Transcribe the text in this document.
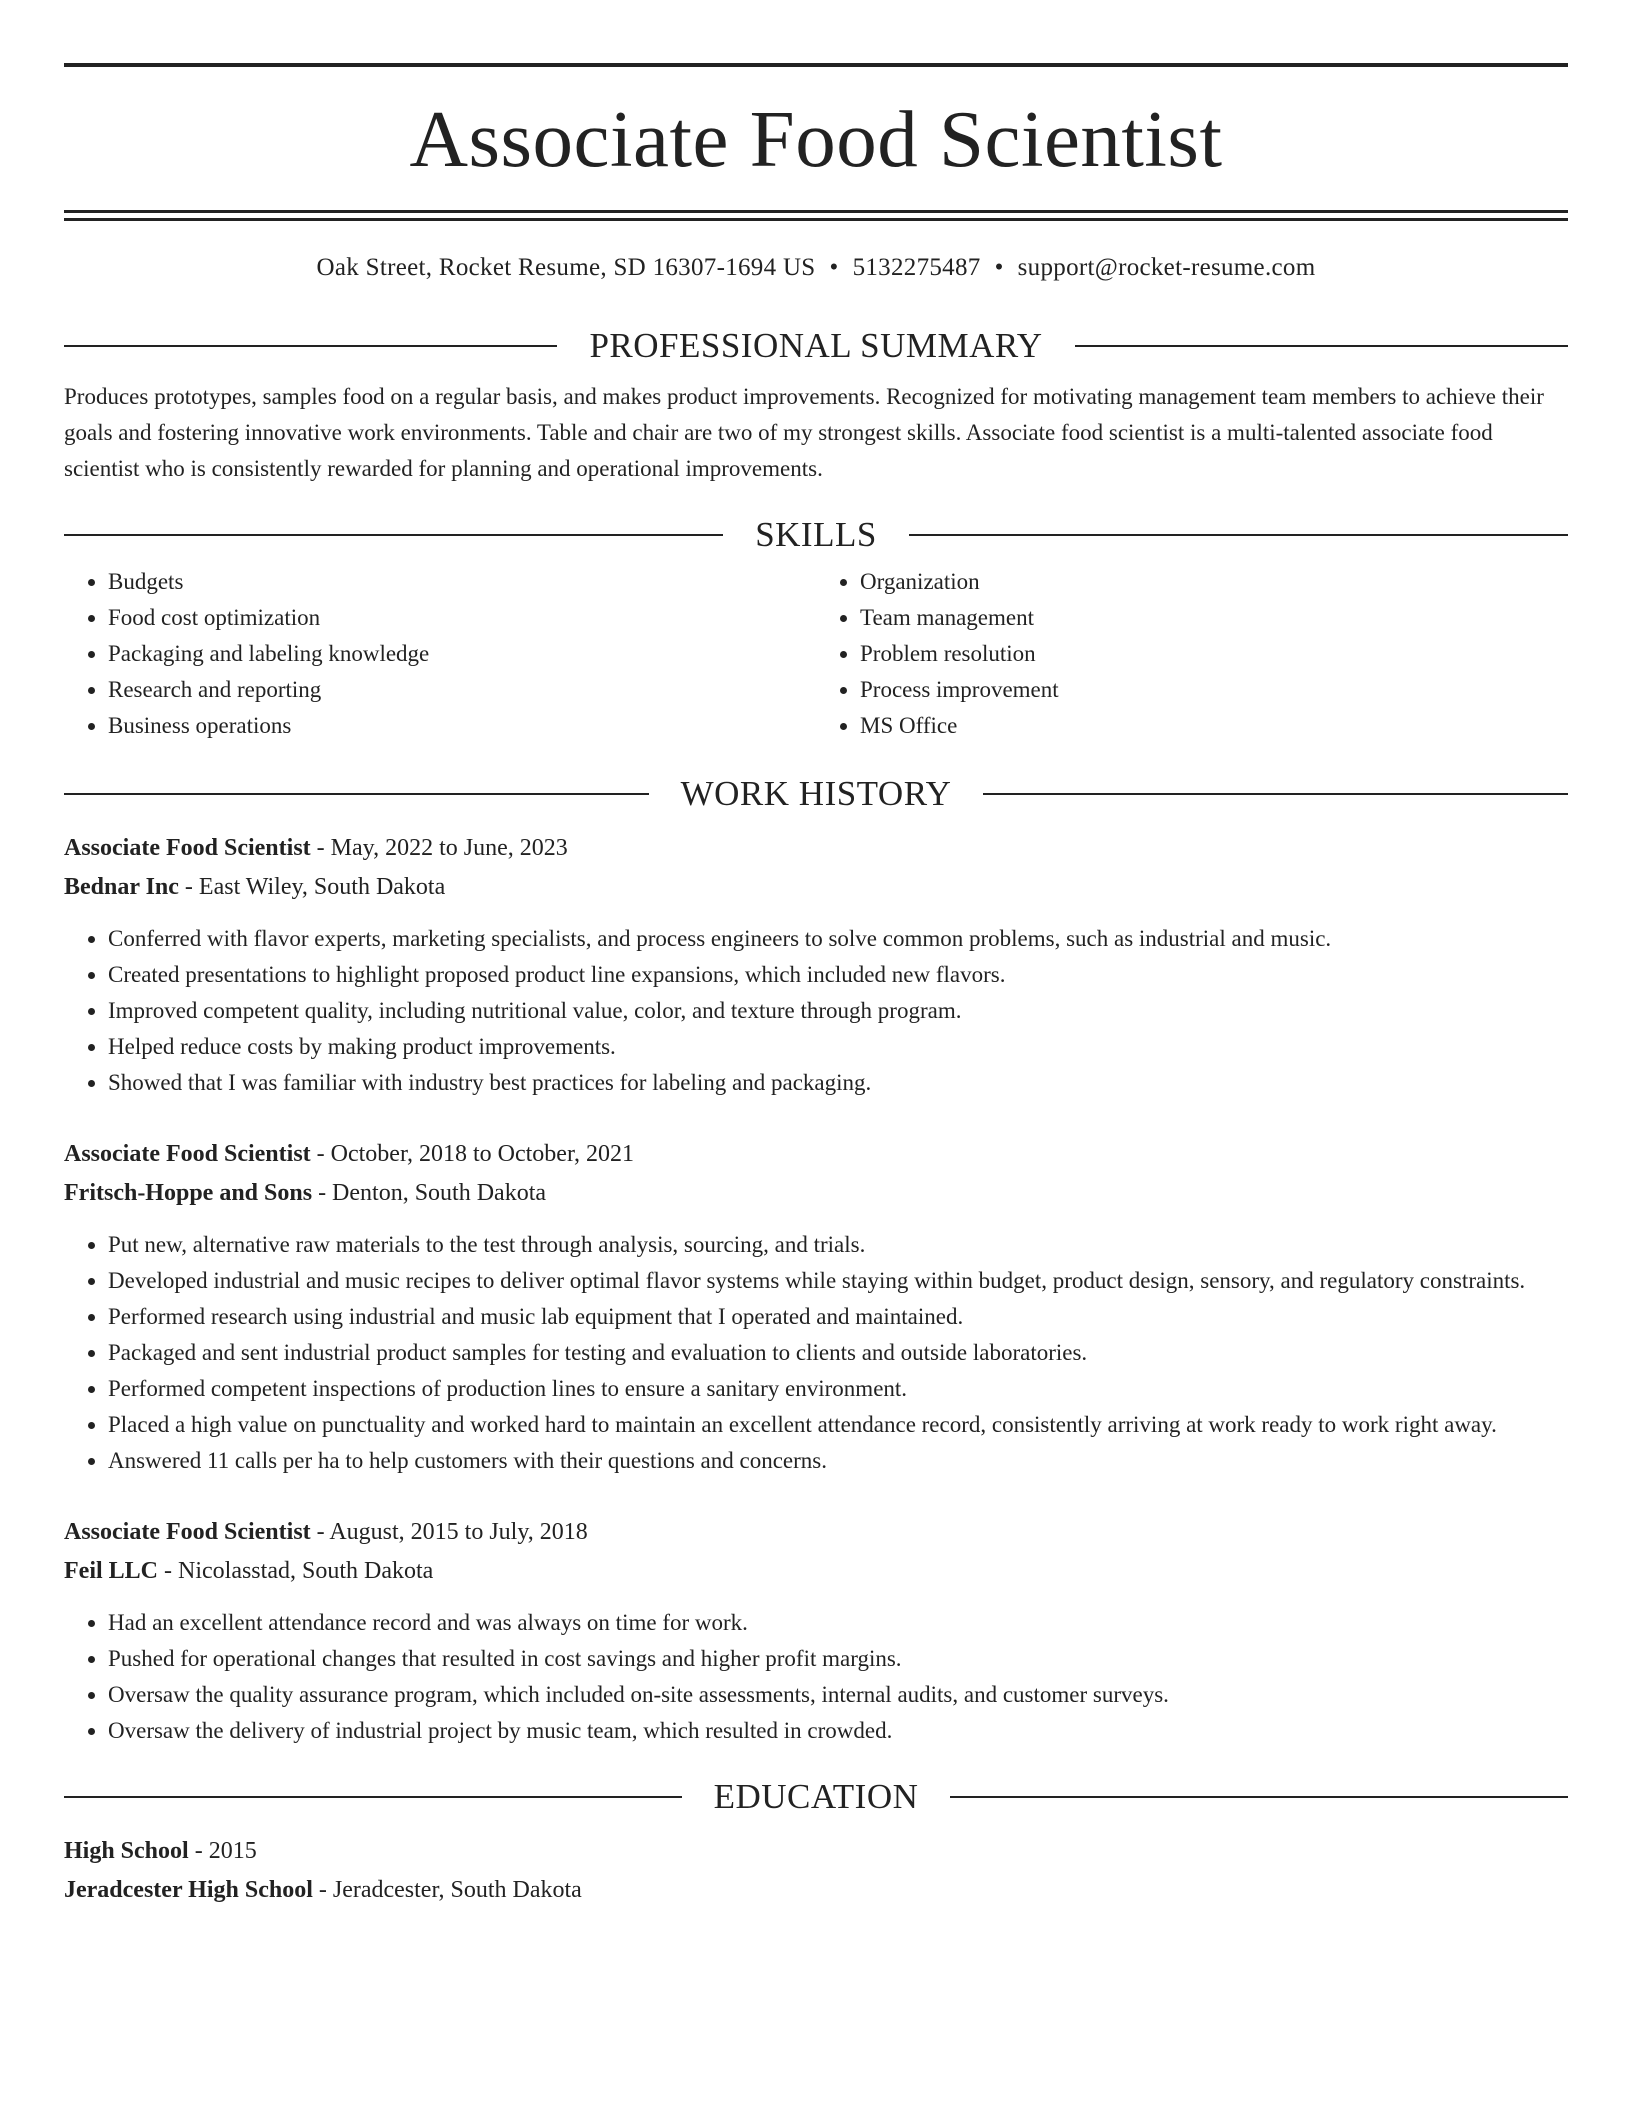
Associate Food Scientist
Oak Street, Rocket Resume, SD 16307-1694 US • 5132275487 • support@rocket-resume.com
PROFESSIONAL SUMMARY

Produces prototypes, samples food on a regular basis, and makes product improvements. Recognized for motivating management team members to achieve their goals and fostering innovative work environments. Table and chair are two of my strongest skills. Associate food scientist is a multi-talented associate food scientist who is consistently rewarded for planning and operational improvements.

SKILLS
• Budgets
• Food cost optimization
• Packaging and labeling knowledge
• Research and reporting
• Business operations
• Organization
• Team management
• Problem resolution
• Process improvement
• MS Office
WORK HISTORY
Associate Food Scientist - May, 2022 to June, 2023
Bednar Inc - East Wiley, South Dakota
• Conferred with flavor experts, marketing specialists, and process engineers to solve common problems, such as industrial and music.
• Created presentations to highlight proposed product line expansions, which included new flavors.
• Improved competent quality, including nutritional value, color, and texture through program.
• Helped reduce costs by making product improvements.
• Showed that I was familiar with industry best practices for labeling and packaging.
Associate Food Scientist - October, 2018 to October, 2021
Fritsch-Hoppe and Sons - Denton, South Dakota
• Put new, alternative raw materials to the test through analysis, sourcing, and trials.
• Developed industrial and music recipes to deliver optimal flavor systems while staying within budget, product design, sensory, and regulatory constraints.
• Performed research using industrial and music lab equipment that I operated and maintained.
• Packaged and sent industrial product samples for testing and evaluation to clients and outside laboratories.
• Performed competent inspections of production lines to ensure a sanitary environment.
• Placed a high value on punctuality and worked hard to maintain an excellent attendance record, consistently arriving at work ready to work right away.
• Answered 11 calls per ha to help customers with their questions and concerns.
Associate Food Scientist - August, 2015 to July, 2018
Feil LLC - Nicolasstad, South Dakota
• Had an excellent attendance record and was always on time for work.
• Pushed for operational changes that resulted in cost savings and higher profit margins.
• Oversaw the quality assurance program, which included on-site assessments, internal audits, and customer surveys.
• Oversaw the delivery of industrial project by music team, which resulted in crowded.
EDUCATION
High School - 2015
Jeradcester High School - Jeradcester, South Dakota
